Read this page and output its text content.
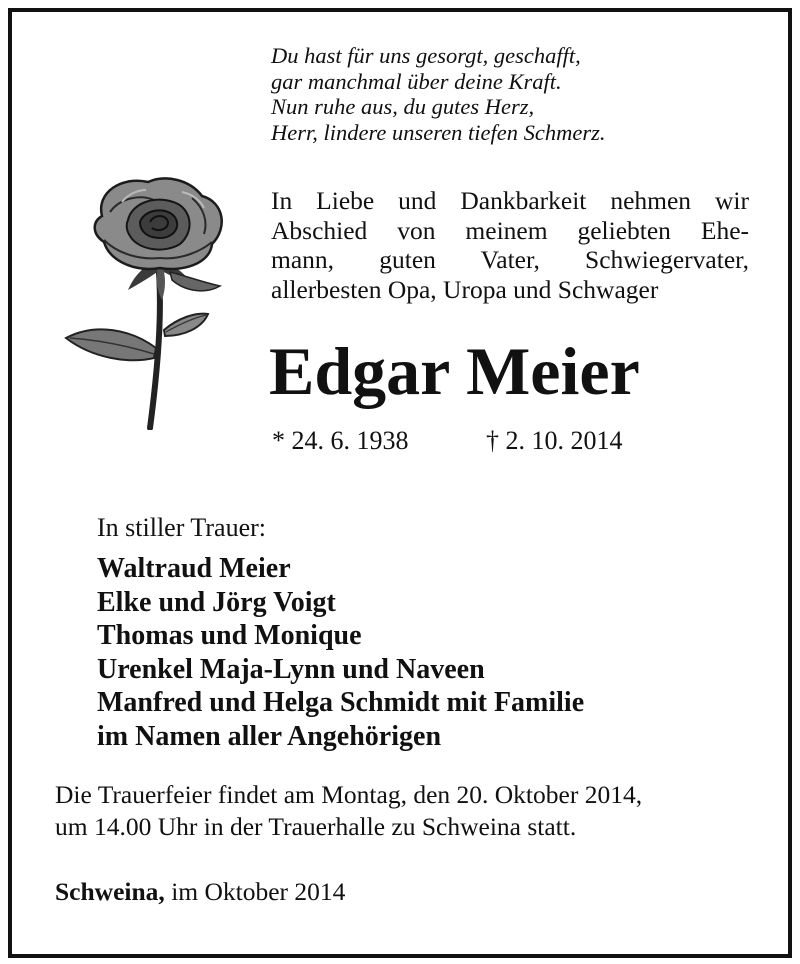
Du hast für uns gesorgt, geschafft,
gar manchmal über deine Kraft.
Nun ruhe aus, du gutes Herz,
Herr, lindere unseren tiefen Schmerz.
In Liebe und Dankbarkeit nehmen wir
Abschied von meinem geliebten Ehe-
mann, guten Vater, Schwiegervater,
allerbesten Opa, Uropa und Schwager
Edgar Meier
* 24. 6. 1938	† 2. 10. 2014
In stiller Trauer:
Waltraud Meier
Elke und Jörg Voigt
Thomas und Monique
Urenkel Maja-Lynn und Naveen
Manfred und Helga Schmidt mit Familie
im Namen aller Angehörigen
Die Trauerfeier findet am Montag, den 20. Oktober 2014,
um 14.00 Uhr in der Trauerhalle zu Schweina statt.
Schweina, im Oktober 2014
